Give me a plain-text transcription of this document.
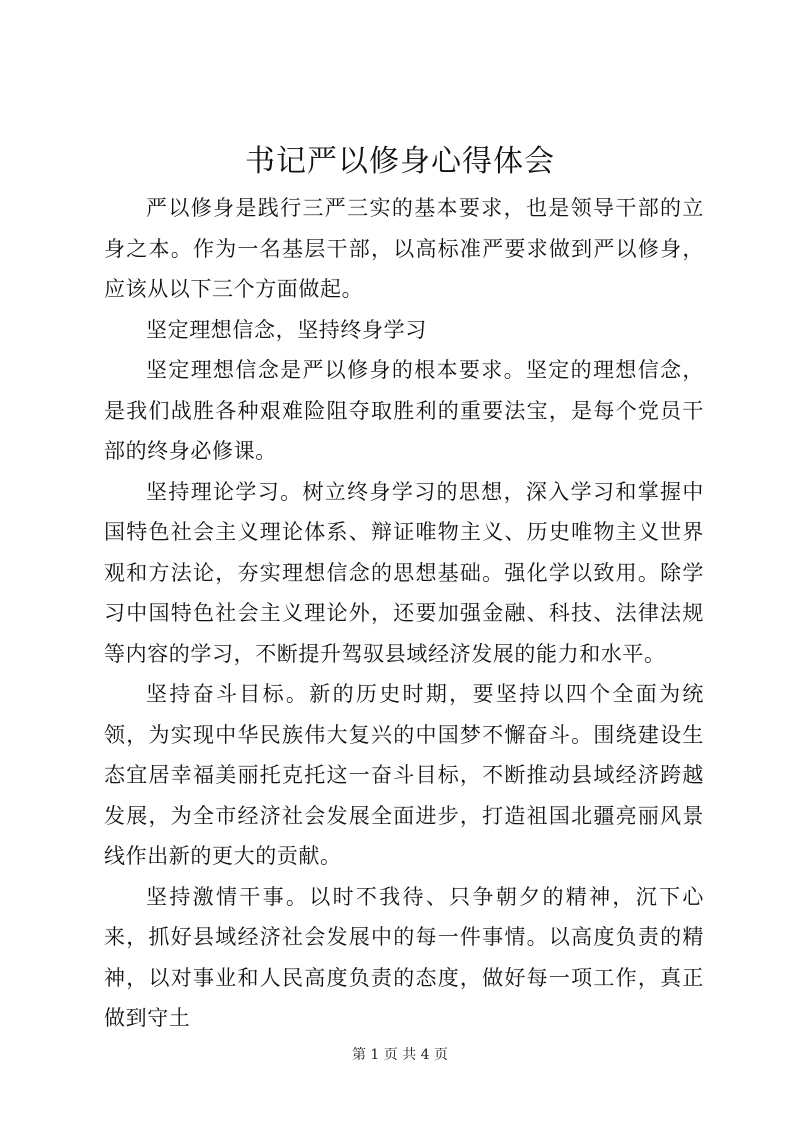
书记严以修身心得体会

严以修身是践行三严三实的基本要求，也是领导干部的立身之本。作为一名基层干部，以高标准严要求做到严以修身，应该从以下三个方面做起。

坚定理想信念，坚持终身学习

坚定理想信念是严以修身的根本要求。坚定的理想信念，是我们战胜各种艰难险阻夺取胜利的重要法宝，是每个党员干部的终身必修课。

坚持理论学习。树立终身学习的思想，深入学习和掌握中国特色社会主义理论体系、辩证唯物主义、历史唯物主义世界观和方法论，夯实理想信念的思想基础。强化学以致用。除学习中国特色社会主义理论外，还要加强金融、科技、法律法规等内容的学习，不断提升驾驭县域经济发展的能力和水平。

坚持奋斗目标。新的历史时期，要坚持以四个全面为统领，为实现中华民族伟大复兴的中国梦不懈奋斗。围绕建设生态宜居幸福美丽托克托这一奋斗目标，不断推动县域经济跨越发展，为全市经济社会发展全面进步，打造祖国北疆亮丽风景线作出新的更大的贡献。

坚持激情干事。以时不我待、只争朝夕的精神，沉下心来，抓好县域经济社会发展中的每一件事情。以高度负责的精神，以对事业和人民高度负责的态度，做好每一项工作，真正做到守土

第 1 页 共 4 页
